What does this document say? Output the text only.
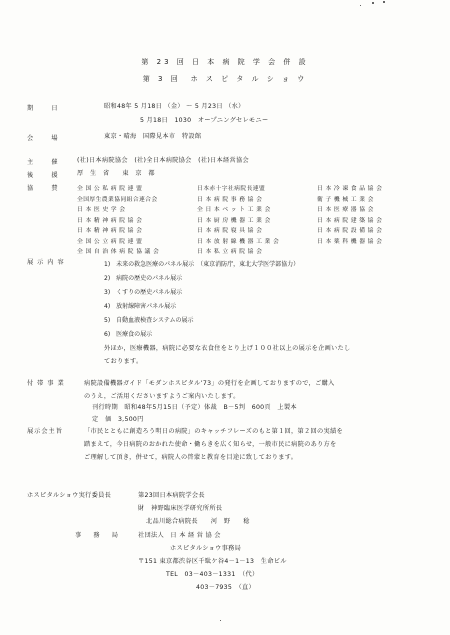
第 23 回 日 本 病 院 学 会 併 設
第 3 回　ホ ス ピ タ ル シ ョ ウ
期　日	昭和48年 5 月18日 （金） ～ 5 月23日 （水）
5 月18日　1030　オープニングセレモニー
会　場	東京・晴海　国際見本市　特設館
主　催 (社)日本病院協会　(社)全日本病院協会　(社)日本経営協会
後　援 厚　生　省　　東　京　都
協　賛 全 国 公 私 病 院 連 盟	日本赤十字社病院長連盟	日 本 冷 凍 食 品 協 会
全国厚生農業協同組合連合会	日 本 病 院 事 務 協 会	衛 子 機 械 工 業 会
日 本 医 史 学 会	全 日 本 ベ ッ ト 工 業 会	日 本 医 療 器 協 会
日 本 精 神 病 院 協 会	日 本 厨 房 機 器 工 業 会	日 本 病 院 建 築 協 会
日 本 精 神 病 院 協 会	日 本 病 院 寝 具 協 会	日 本 病 院 設 備 協 会
全 国 公 立 病 院 連 盟	日 本 放 射 線 機 器 工 業 会	日 本 薬 科 機 器 協 会
全 国 自 治 体 病 院 協 議 会	日 本 私 立 病 院 協 会
展 示 内 容	1)　未来の救急医療のパネル展示　（東京消防庁，東北大学医学部協力）
2)　病院の歴史のパネル展示
3)　くすりの歴史パネル展示
4)　放射線障害パネル展示
5)　自動血液検査システムの展示
6)　医療食の展示
外ほか，医療機器，病院に必要な衣食住をとり上げ１００社以上の展示を企画いたし
ております。
付 帯 事 業	病院設備機器ガイド「モダンホスピタル’73」の発行を企画しておりますので，ご購入
のうえ，ご活用くださいますようご案内いたします。
刊行時期　昭和48年5月15日（予定）体裁　B－5判　600頁　上製本
定　価　3,500円
展示会主旨	「市民とともに創造ろう明日の病院」のキャッチフレーズのもと第１回，第２回の実績を
踏まえて，今日病院のおかれた使命・働らきを広く知らせ，一般市民に病院のあり方を
ご理解して頂き，併せて，病院人の啓蒙と教育を目途に致しております。
ホスピタルショウ実行委員長	第23回日本病院学会長
財　神野臨床医学研究所所長
北品川総合病院長　　河　野　　稔
事　務　局	社団法人　日 本 経 営 協 会
ホスピタルショウ事務局
〒151 東京都渋谷区千駄ケ谷4－1－13　生命ビル
TEL　03－403－1331　（代）
403－7935　（直）
